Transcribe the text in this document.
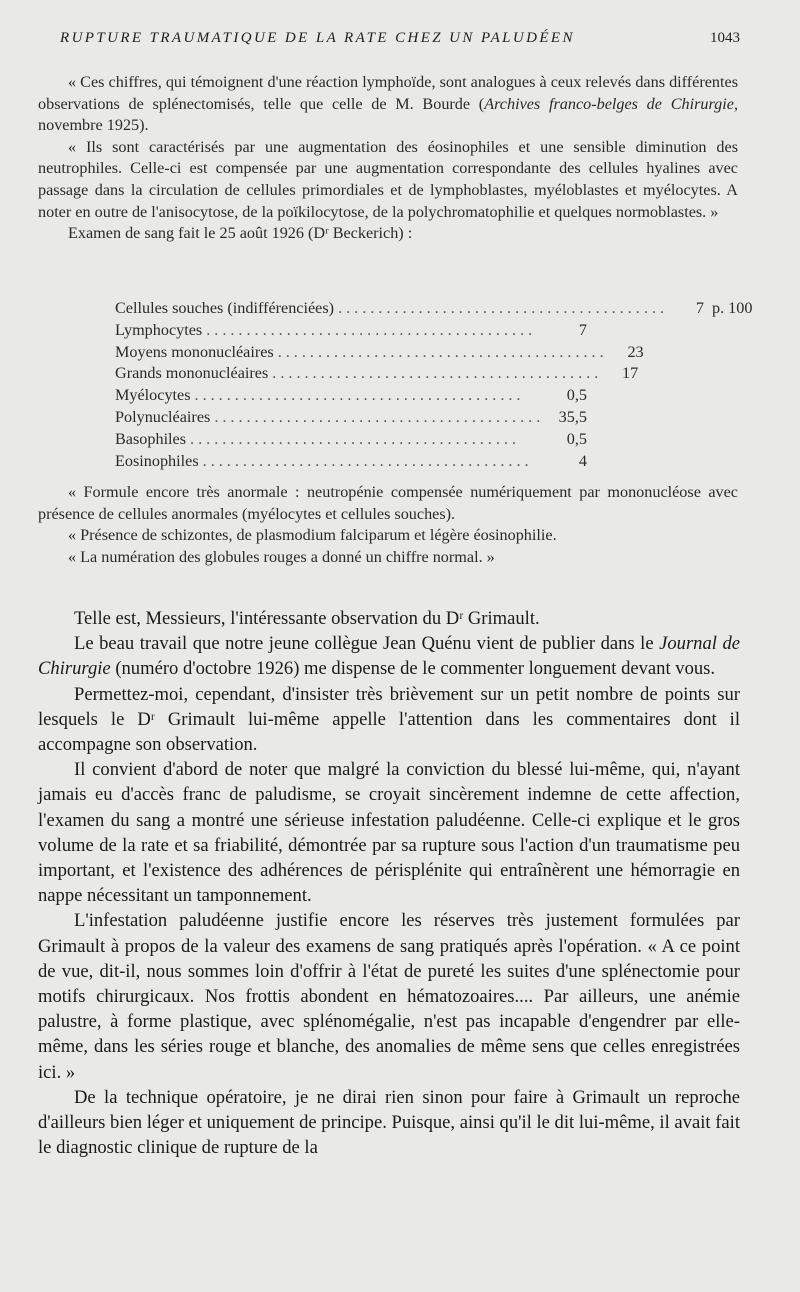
RUPTURE TRAUMATIQUE DE LA RATE CHEZ UN PALUDÉEN	1043

« Ces chiffres, qui témoignent d'une réaction lymphoïde, sont analogues à ceux relevés dans différentes observations de splénectomisés, telle que celle de M. Bourde (Archives franco-belges de Chirurgie, novembre 1925).

« Ils sont caractérisés par une augmentation des éosinophiles et une sensible diminution des neutrophiles. Celle-ci est compensée par une augmentation correspondante des cellules hyalines avec passage dans la circulation de cellules primordiales et de lymphoblastes, myéloblastes et myélocytes. A noter en outre de l'anisocytose, de la poïkilocytose, de la polychromatophilie et quelques normoblastes. »

Examen de sang fait le 25 août 1926 (Dʳ Beckerich) :

Cellules souches (indifférenciées) .........................................	7 p. 100
Lymphocytes .........................................	7
Moyens mononucléaires .........................................	23
Grands mononucléaires .........................................	17
Myélocytes .........................................	0,5
Polynucléaires ......................................... 35,5
Basophiles .........................................	0,5
Eosinophiles .........................................	4

« Formule encore très anormale : neutropénie compensée numériquement par mononucléose avec présence de cellules anormales (myélocytes et cellules souches).

« Présence de schizontes, de plasmodium falciparum et légère éosinophilie.

« La numération des globules rouges a donné un chiffre normal. »

Telle est, Messieurs, l'intéressante observation du Dʳ Grimault.

Le beau travail que notre jeune collègue Jean Quénu vient de publier dans le Journal de Chirurgie (numéro d'octobre 1926) me dispense de le commenter longuement devant vous.

Permettez-moi, cependant, d'insister très brièvement sur un petit nombre de points sur lesquels le Dʳ Grimault lui-même appelle l'attention dans les commentaires dont il accompagne son observation.

Il convient d'abord de noter que malgré la conviction du blessé lui-même, qui, n'ayant jamais eu d'accès franc de paludisme, se croyait sincèrement indemne de cette affection, l'examen du sang a montré une sérieuse infestation paludéenne. Celle-ci explique et le gros volume de la rate et sa friabilité, démontrée par sa rupture sous l'action d'un traumatisme peu important, et l'existence des adhérences de périsplénite qui entraînèrent une hémorragie en nappe nécessitant un tamponnement.

L'infestation paludéenne justifie encore les réserves très justement formulées par Grimault à propos de la valeur des examens de sang pratiqués après l'opération. « A ce point de vue, dit-il, nous sommes loin d'offrir à l'état de pureté les suites d'une splénectomie pour motifs chirurgicaux. Nos frottis abondent en hématozoaires.... Par ailleurs, une anémie palustre, à forme plastique, avec splénomégalie, n'est pas incapable d'engendrer par elle-même, dans les séries rouge et blanche, des anomalies de même sens que celles enregistrées ici. »

De la technique opératoire, je ne dirai rien sinon pour faire à Grimault un reproche d'ailleurs bien léger et uniquement de principe. Puisque, ainsi qu'il le dit lui-même, il avait fait le diagnostic clinique de rupture de la
